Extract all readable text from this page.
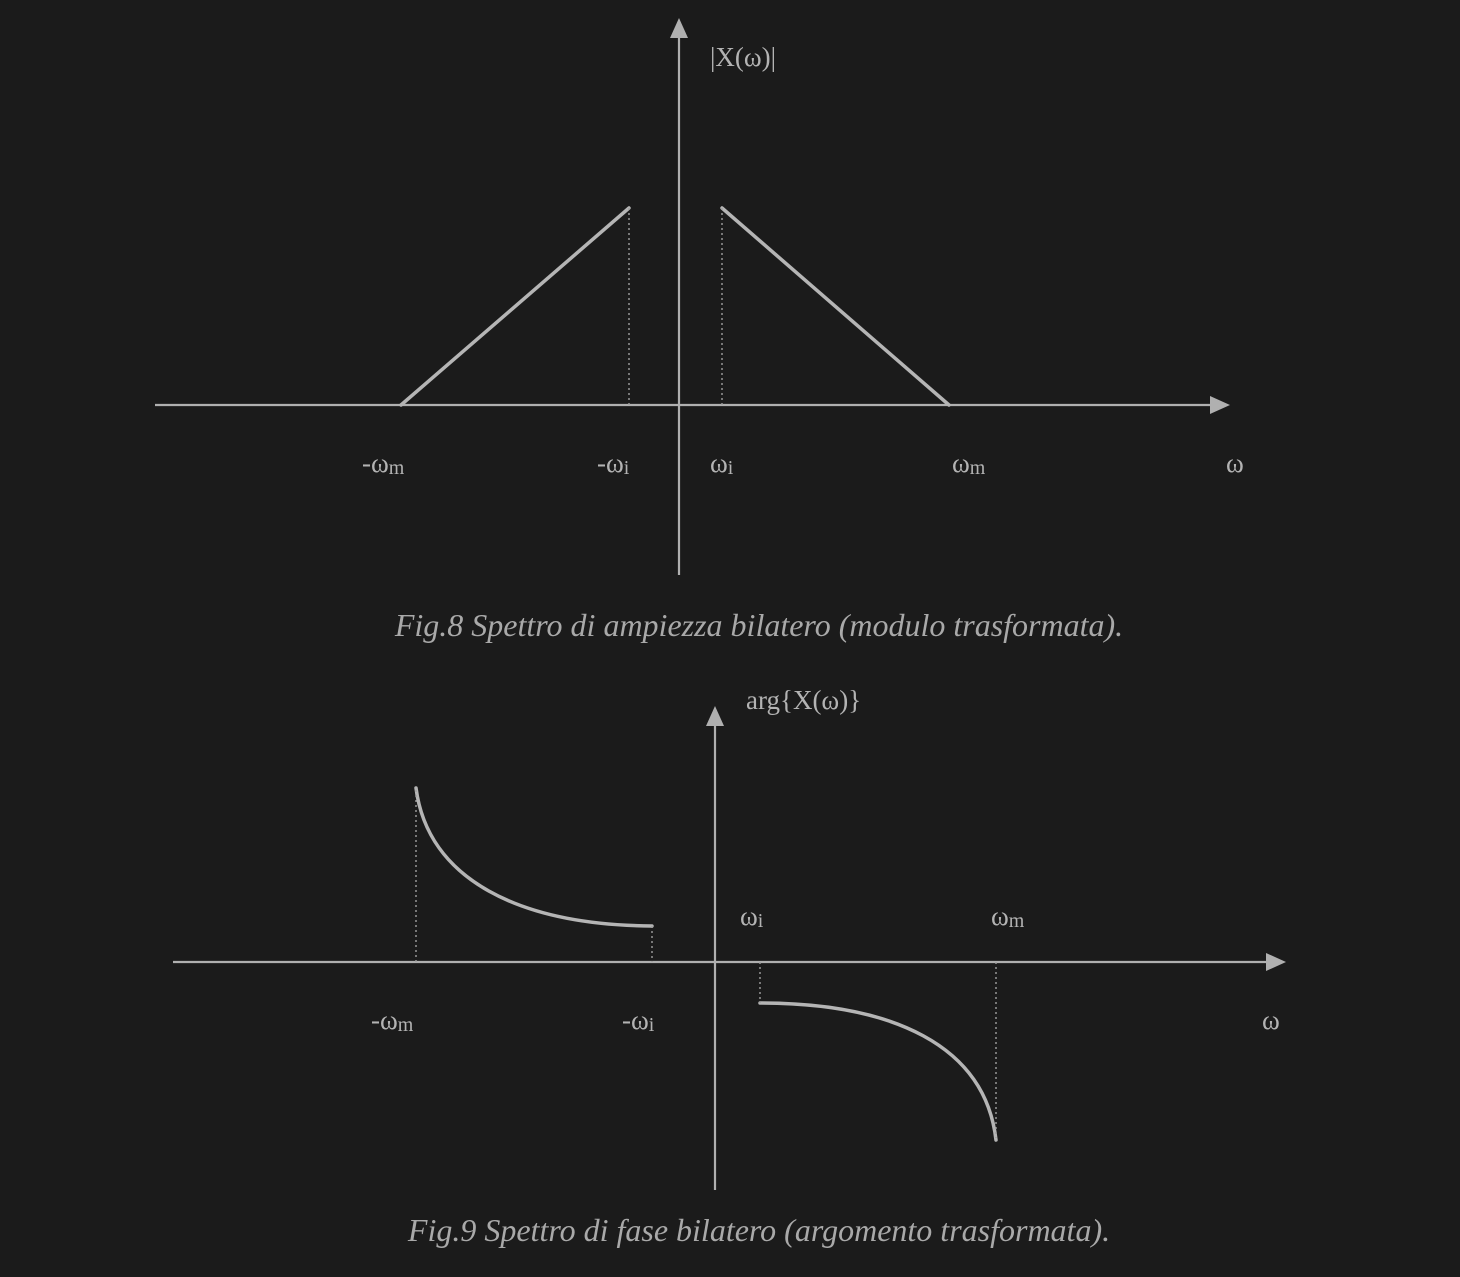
|X(ω)|
ω
-ωm	-ωi	ωi	ωm
Fig.8 Spettro di ampiezza bilatero (modulo trasformata).
arg{X(ω)}
ω
-ωm	-ωi
ωi	ωm
Fig.9 Spettro di fase bilatero (argomento trasformata).
